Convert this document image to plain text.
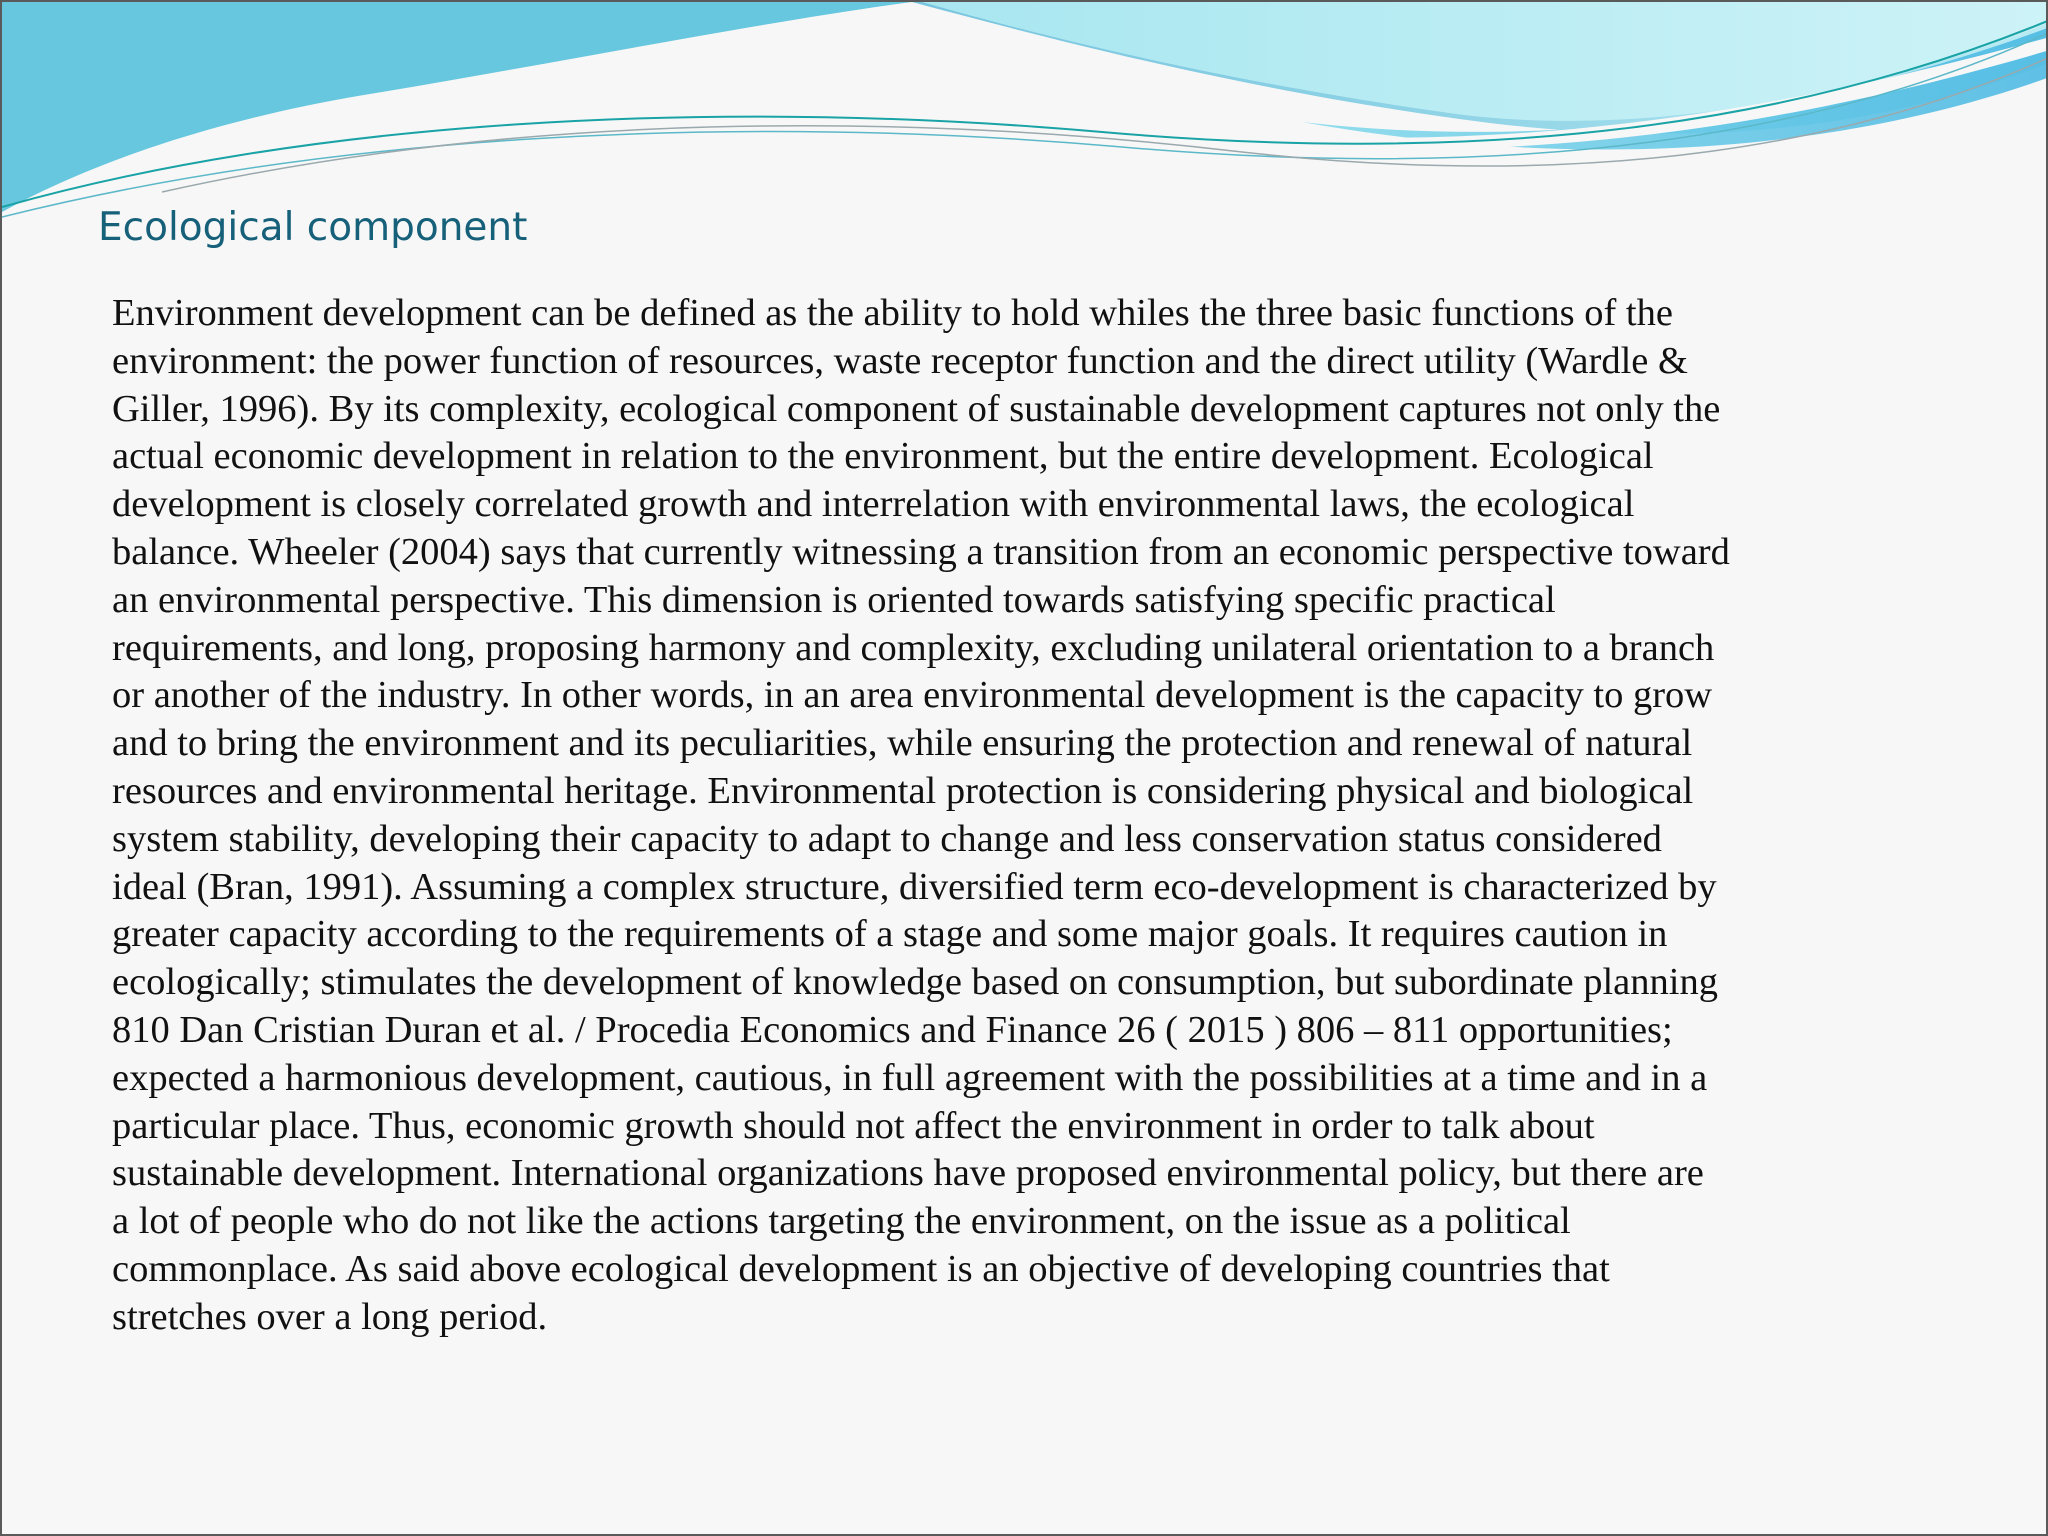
Ecological component

Environment development can be defined as the ability to hold whiles the three basic functions of the
environment: the power function of resources, waste receptor function and the direct utility (Wardle &
Giller, 1996). By its complexity, ecological component of sustainable development captures not only the
actual economic development in relation to the environment, but the entire development. Ecological
development is closely correlated growth and interrelation with environmental laws, the ecological
balance. Wheeler (2004) says that currently witnessing a transition from an economic perspective toward
an environmental perspective. This dimension is oriented towards satisfying specific practical
requirements, and long, proposing harmony and complexity, excluding unilateral orientation to a branch
or another of the industry. In other words, in an area environmental development is the capacity to grow
and to bring the environment and its peculiarities, while ensuring the protection and renewal of natural
resources and environmental heritage. Environmental protection is considering physical and biological
system stability, developing their capacity to adapt to change and less conservation status considered
ideal (Bran, 1991). Assuming a complex structure, diversified term eco-development is characterized by
greater capacity according to the requirements of a stage and some major goals. It requires caution in
ecologically; stimulates the development of knowledge based on consumption, but subordinate planning
810 Dan Cristian Duran et al. / Procedia Economics and Finance 26 ( 2015 ) 806 – 811 opportunities;
expected a harmonious development, cautious, in full agreement with the possibilities at a time and in a
particular place. Thus, economic growth should not affect the environment in order to talk about
sustainable development. International organizations have proposed environmental policy, but there are
a lot of people who do not like the actions targeting the environment, on the issue as a political
commonplace. As said above ecological development is an objective of developing countries that
stretches over a long period.
